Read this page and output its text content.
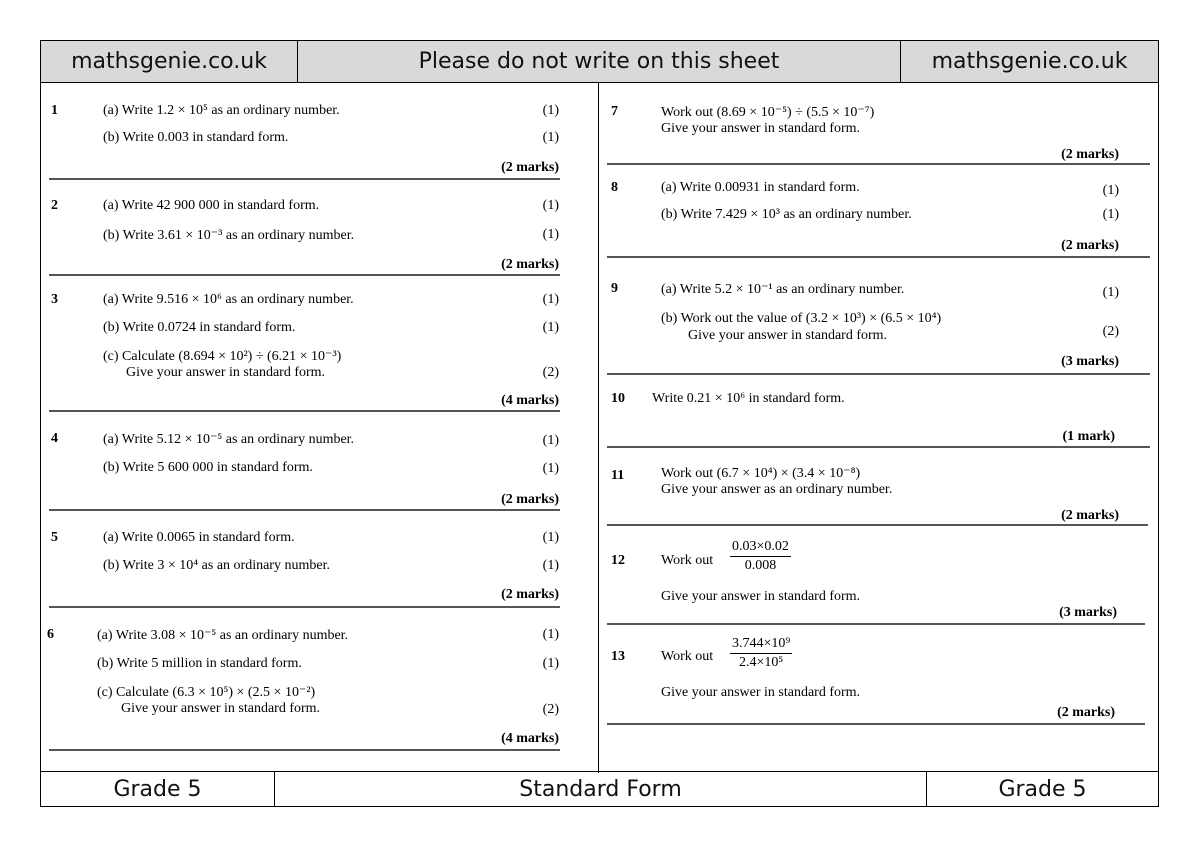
mathsgenie.co.uk	Please do not write on this sheet	mathsgenie.co.uk
1	(a) Write 1.2 × 10⁵ as an ordinary number.	(1)
(b) Write 0.003 in standard form.	(1)
(2 marks)
2	(a) Write 42 900 000 in standard form.	(1)
(b) Write 3.61 × 10⁻³ as an ordinary number.	(1)
(2 marks)
3	(a) Write 9.516 × 10⁶ as an ordinary number.	(1)
(b) Write 0.0724 in standard form.	(1)
(c) Calculate (8.694 × 10²) ÷ (6.21 × 10⁻³)
Give your answer in standard form.	(2)
(4 marks)
4	(a) Write 5.12 × 10⁻⁵ as an ordinary number.	(1)
(b) Write 5 600 000 in standard form.	(1)
(2 marks)
5	(a) Write 0.0065 in standard form.	(1)
(b) Write 3 × 10⁴ as an ordinary number.	(1)
(2 marks)
6	(a) Write 3.08 × 10⁻⁵ as an ordinary number.	(1)
(b) Write 5 million in standard form.	(1)
(c) Calculate (6.3 × 10⁵) × (2.5 × 10⁻²)
Give your answer in standard form.	(2)
(4 marks)
7	Work out (8.69 × 10⁻⁵) ÷ (5.5 × 10⁻⁷)
Give your answer in standard form.
(2 marks)
8	(a) Write 0.00931 in standard form.	(1)
(b) Write 7.429 × 10³ as an ordinary number.	(1)
(2 marks)
9	(a) Write 5.2 × 10⁻¹ as an ordinary number.	(1)
(b) Work out the value of (3.2 × 10³) × (6.5 × 10⁴)
Give your answer in standard form.	(2)
(3 marks)
10 Write 0.21 × 10⁶ in standard form.
(1 mark)
11	Work out (6.7 × 10⁴) × (3.4 × 10⁻⁸)
Give your answer as an ordinary number.
(2 marks)
12	Work out $\frac{0.03\times 0.02}{0.008}$
Give your answer in standard form.
(3 marks)
13	Work out $\frac{\text{3.744×10⁹}}{\text{2.4×10⁵}}$
Give your answer in standard form.
(2 marks)
Grade 5	Standard Form	Grade 5
